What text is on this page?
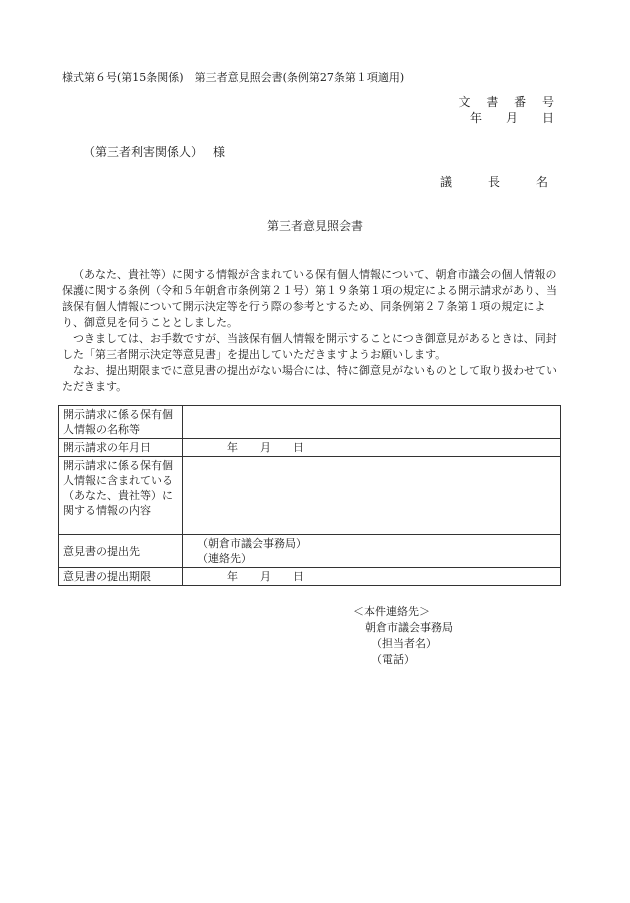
様式第６号(第15条関係)　第三者意見照会書(条例第27条第１項適用)
文 書 番 号
年　月　日
（第三者利害関係人） 様
議　長　名
第三者意見照会書

（あなた、貴社等）に関する情報が含まれている保有個人情報について、朝倉市議会の個人情報の保護に関する条例（令和５年朝倉市条例第２１号）第１９条第１項の規定による開示請求があり、当該保有個人情報について開示決定等を行う際の参考とするため、同条例第２７条第１項の規定により、御意見を伺うこととしました。

つきましては、お手数ですが、当該保有個人情報を開示することにつき御意見があるときは、同封した「第三者開示決定等意見書」を提出していただきますようお願いします。

なお、提出期限までに意見書の提出がない場合には、特に御意見がないものとして取り扱わせていただきます。

開示請求に係る保有個人情報の名称等	
開示請求の年月日	年　　月　　日
開示請求に係る保有個人情報に含まれている（あなた、貴社等）に関する情報の内容	
意見書の提出先	（朝倉市議会事務局）
（連絡先）

意見書の提出期限	年　　月　　日
＜本件連絡先＞
朝倉市議会事務局
（担当者名）
（電話）
